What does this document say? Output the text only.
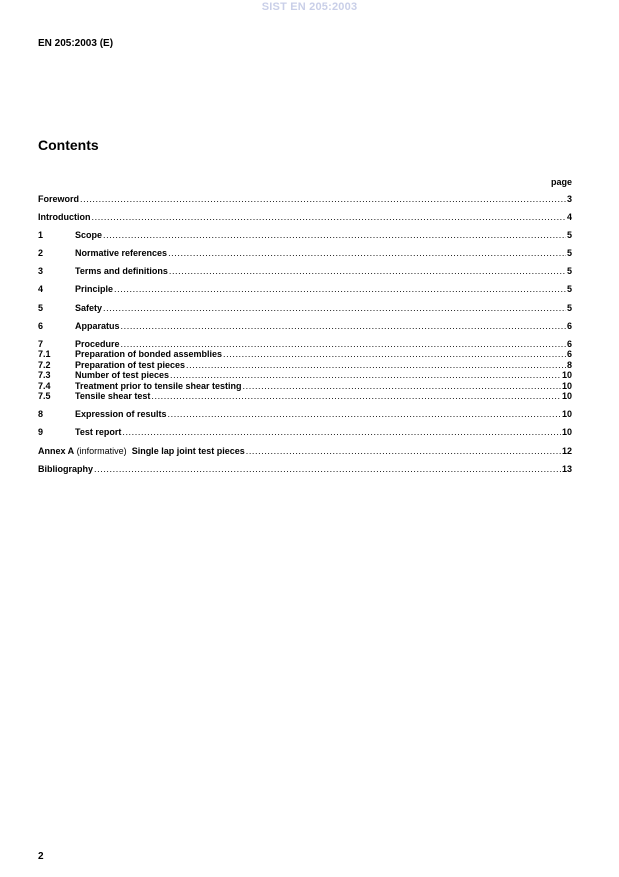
SIST EN 205:2003
EN 205:2003 (E)
Contents
page
Foreword .....	3
Introduction .....	4
1	Scope .....	5
2	Normative references .....	5
3	Terms and definitions .....	5
4	Principle .....	5
5	Safety .....	5
6	Apparatus .....	6
7	Procedure .....	6
7.1	Preparation of bonded assemblies .....	6
7.2	Preparation of test pieces .....	8
7.3	Number of test pieces .....	10
7.4	Treatment prior to tensile shear testing .....	10
7.5	Tensile shear test .....	10
8	Expression of results .....	10
9	Test report .....	10
Annex A (informative)  Single lap joint test pieces .....	12
Bibliography .....	13
2
